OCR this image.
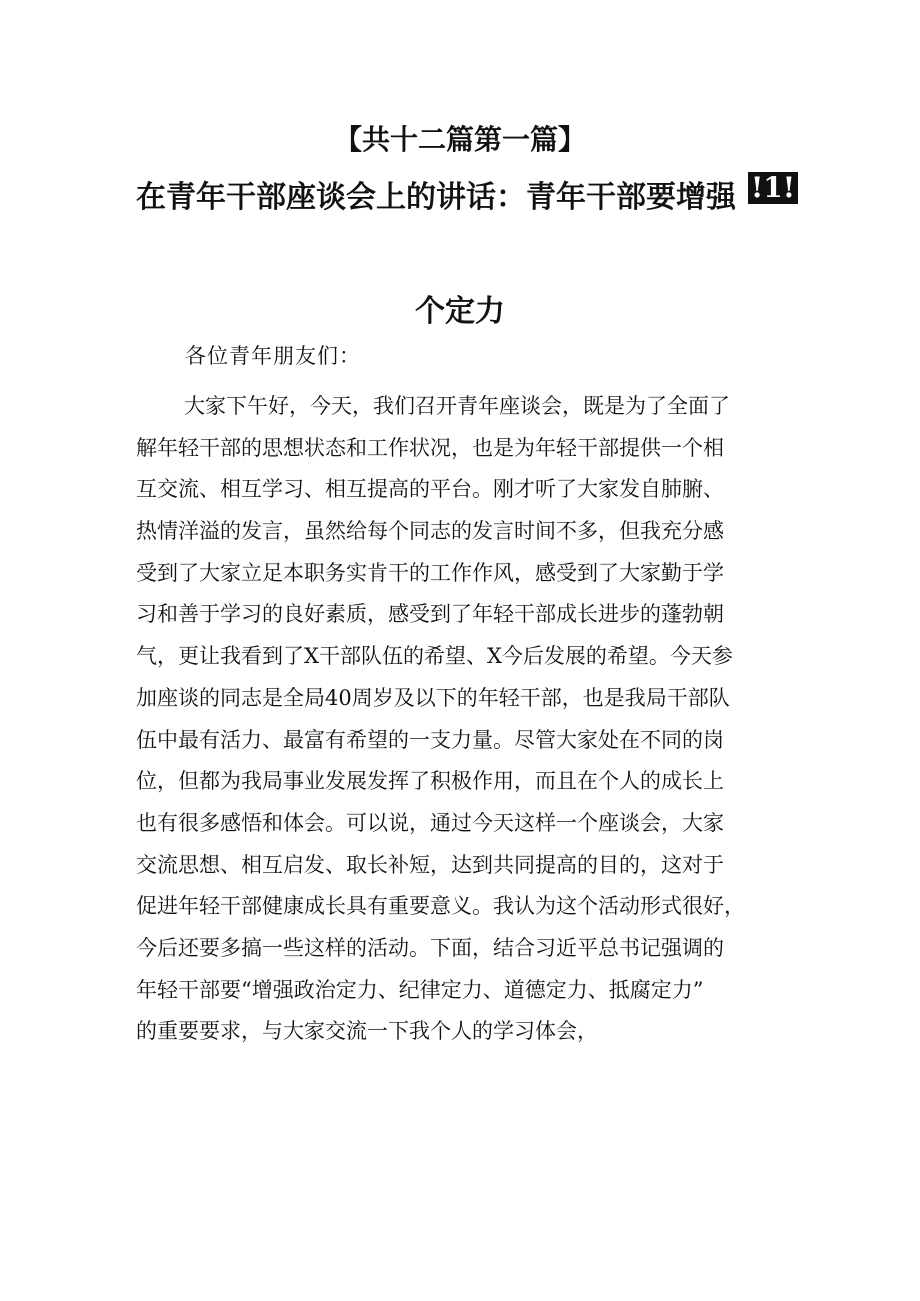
【共十二篇第一篇】
在青年干部座谈会上的讲话：青年干部要增强 !1!
个定力
各位青年朋友们：
大家下午好，今天，我们召开青年座谈会，既是为了全面了
解年轻干部的思想状态和工作状况，也是为年轻干部提供一个相
互交流、相互学习、相互提高的平台。刚才听了大家发自肺腑、
热情洋溢的发言，虽然给每个同志的发言时间不多，但我充分感
受到了大家立足本职务实肯干的工作作风，感受到了大家勤于学
习和善于学习的良好素质，感受到了年轻干部成长进步的蓬勃朝
气，更让我看到了X干部队伍的希望、X今后发展的希望。今天参
加座谈的同志是全局40周岁及以下的年轻干部，也是我局干部队
伍中最有活力、最富有希望的一支力量。尽管大家处在不同的岗
位，但都为我局事业发展发挥了积极作用，而且在个人的成长上
也有很多感悟和体会。可以说，通过今天这样一个座谈会，大家
交流思想、相互启发、取长补短，达到共同提高的目的，这对于
促进年轻干部健康成长具有重要意义。我认为这个活动形式很好，
今后还要多搞一些这样的活动。下面，结合习近平总书记强调的
年轻干部要“增强政治定力、纪律定力、道德定力、抵腐定力”
的重要要求，与大家交流一下我个人的学习体会，
